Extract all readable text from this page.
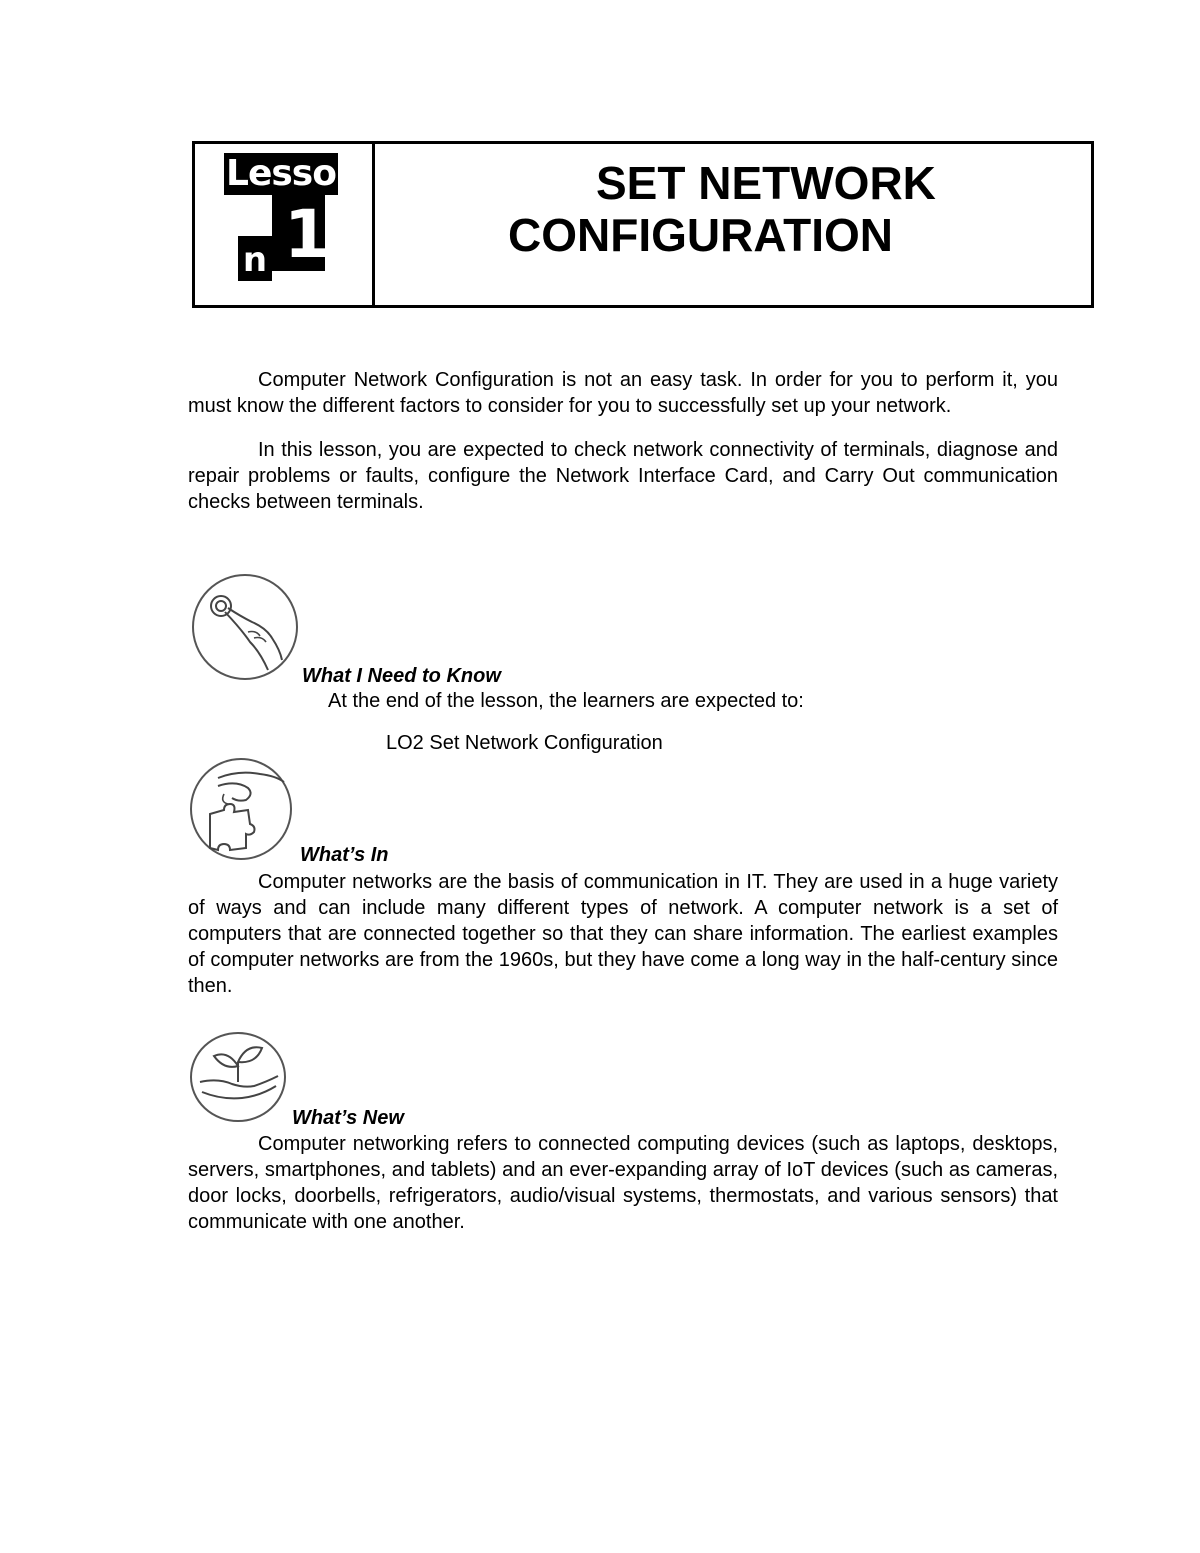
Lesso
n 1
SET NETWORK
CONFIGURATION

Computer Network Configuration is not an easy task. In order for you to perform it, you must know the different factors to consider for you to successfully set up your network.

In this lesson, you are expected to check network connectivity of terminals, diagnose and repair problems or faults, configure the Network Interface Card, and Carry Out communication checks between terminals.

What I Need to Know
At the end of the lesson, the learners are expected to:
LO2 Set Network Configuration
What’s In

Computer networks are the basis of communication in IT. They are used in a huge variety of ways and can include many different types of network. A computer network is a set of computers that are connected together so that they can share information. The earliest examples of computer networks are from the 1960s, but they have come a long way in the half-century since then.

What’s New

Computer networking refers to connected computing devices (such as laptops, desktops, servers, smartphones, and tablets) and an ever-expanding array of IoT devices (such as cameras, door locks, doorbells, refrigerators, audio/visual systems, thermostats, and various sensors) that communicate with one another.
